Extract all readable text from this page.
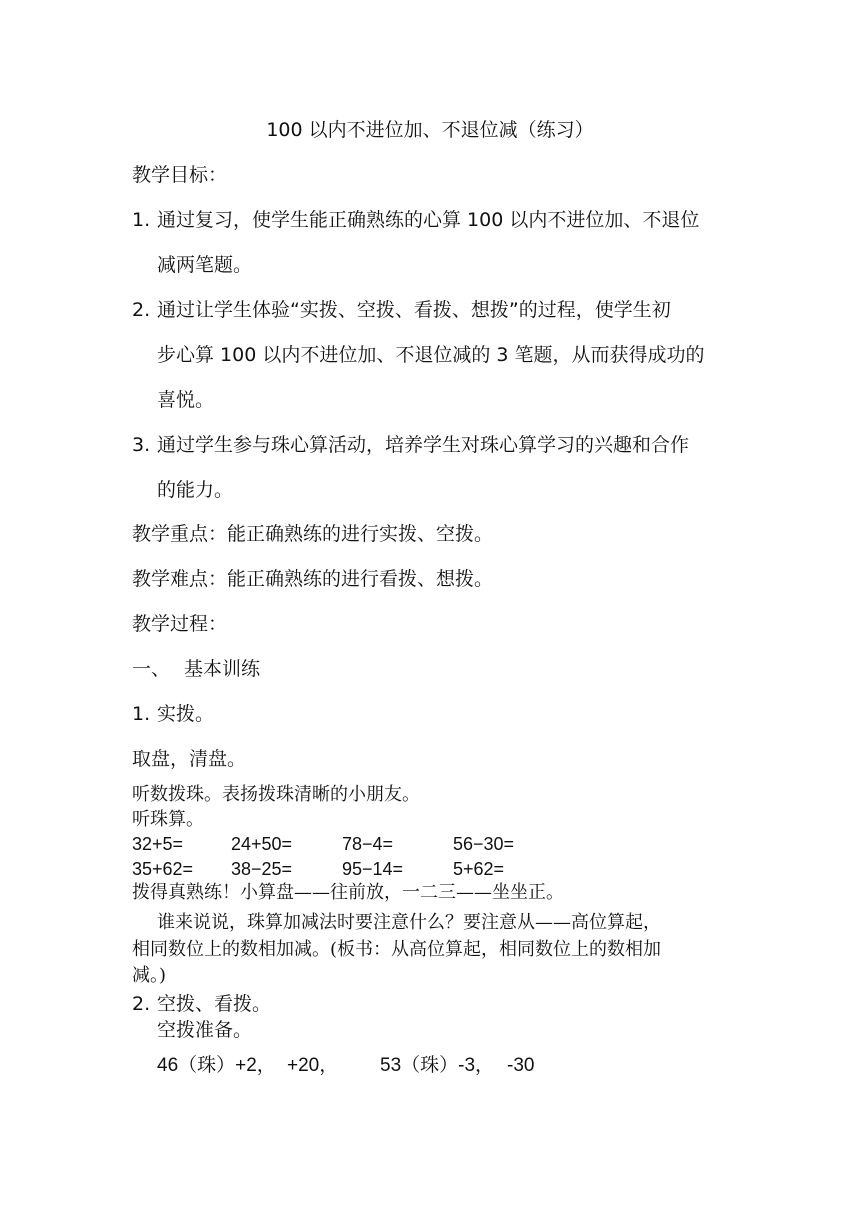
100 以内不进位加、不退位减（练习）
教学目标：
1. 通过复习，使学生能正确熟练的心算 100 以内不进位加、不退位
减两笔题。
2. 通过让学生体验“实拨、空拨、看拨、想拨”的过程，使学生初
步心算 100 以内不进位加、不退位减的 3 笔题，从而获得成功的
喜悦。
3. 通过学生参与珠心算活动，培养学生对珠心算学习的兴趣和合作
的能力。
教学重点：能正确熟练的进行实拨、空拨。
教学难点：能正确熟练的进行看拨、想拨。
教学过程：
一、 基本训练
1. 实拨。
取盘，清盘。
听数拨珠。表扬拨珠清晰的小朋友。
听珠算。
32+5=	24+50=	78−4=	56−30=
35+62= 38−25=	95−14=	5+62=
拨得真熟练！小算盘——往前放，一二三——坐坐正。
谁来说说，珠算加减法时要注意什么？要注意从——高位算起，
相同数位上的数相加减。(板书：从高位算起，相同数位上的数相加
减。)
2. 空拨、看拨。
空拨准备。
46（珠）+2， +20， 53（珠）-3， -30
